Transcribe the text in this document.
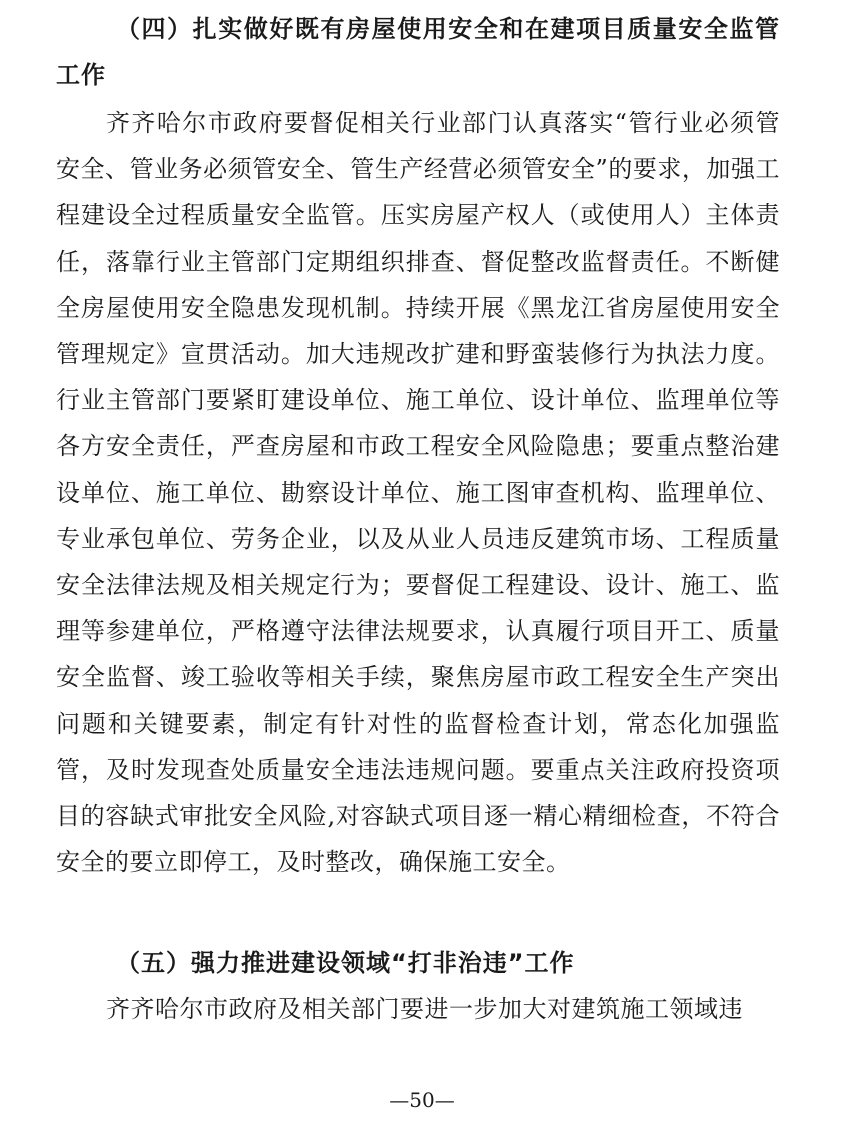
（四）扎实做好既有房屋使用安全和在建项目质量安全监管工作

齐齐哈尔市政府要督促相关行业部门认真落实“管行业必须管安全、管业务必须管安全、管生产经营必须管安全”的要求，加强工程建设全过程质量安全监管。压实房屋产权人（或使用人）主体责任，落靠行业主管部门定期组织排查、督促整改监督责任。不断健全房屋使用安全隐患发现机制。持续开展《黑龙江省房屋使用安全管理规定》宣贯活动。加大违规改扩建和野蛮装修行为执法力度。行业主管部门要紧盯建设单位、施工单位、设计单位、监理单位等各方安全责任，严查房屋和市政工程安全风险隐患；要重点整治建设单位、施工单位、勘察设计单位、施工图审查机构、监理单位、专业承包单位、劳务企业，以及从业人员违反建筑市场、工程质量安全法律法规及相关规定行为；要督促工程建设、设计、施工、监理等参建单位，严格遵守法律法规要求，认真履行项目开工、质量安全监督、竣工验收等相关手续，聚焦房屋市政工程安全生产突出问题和关键要素，制定有针对性的监督检查计划，常态化加强监管，及时发现查处质量安全违法违规问题。要重点关注政府投资项目的容缺式审批安全风险,对容缺式项目逐一精心精细检查，不符合安全的要立即停工，及时整改，确保施工安全。

（五）强力推进建设领域“打非治违”工作

齐齐哈尔市政府及相关部门要进一步加大对建筑施工领域违

—50—
